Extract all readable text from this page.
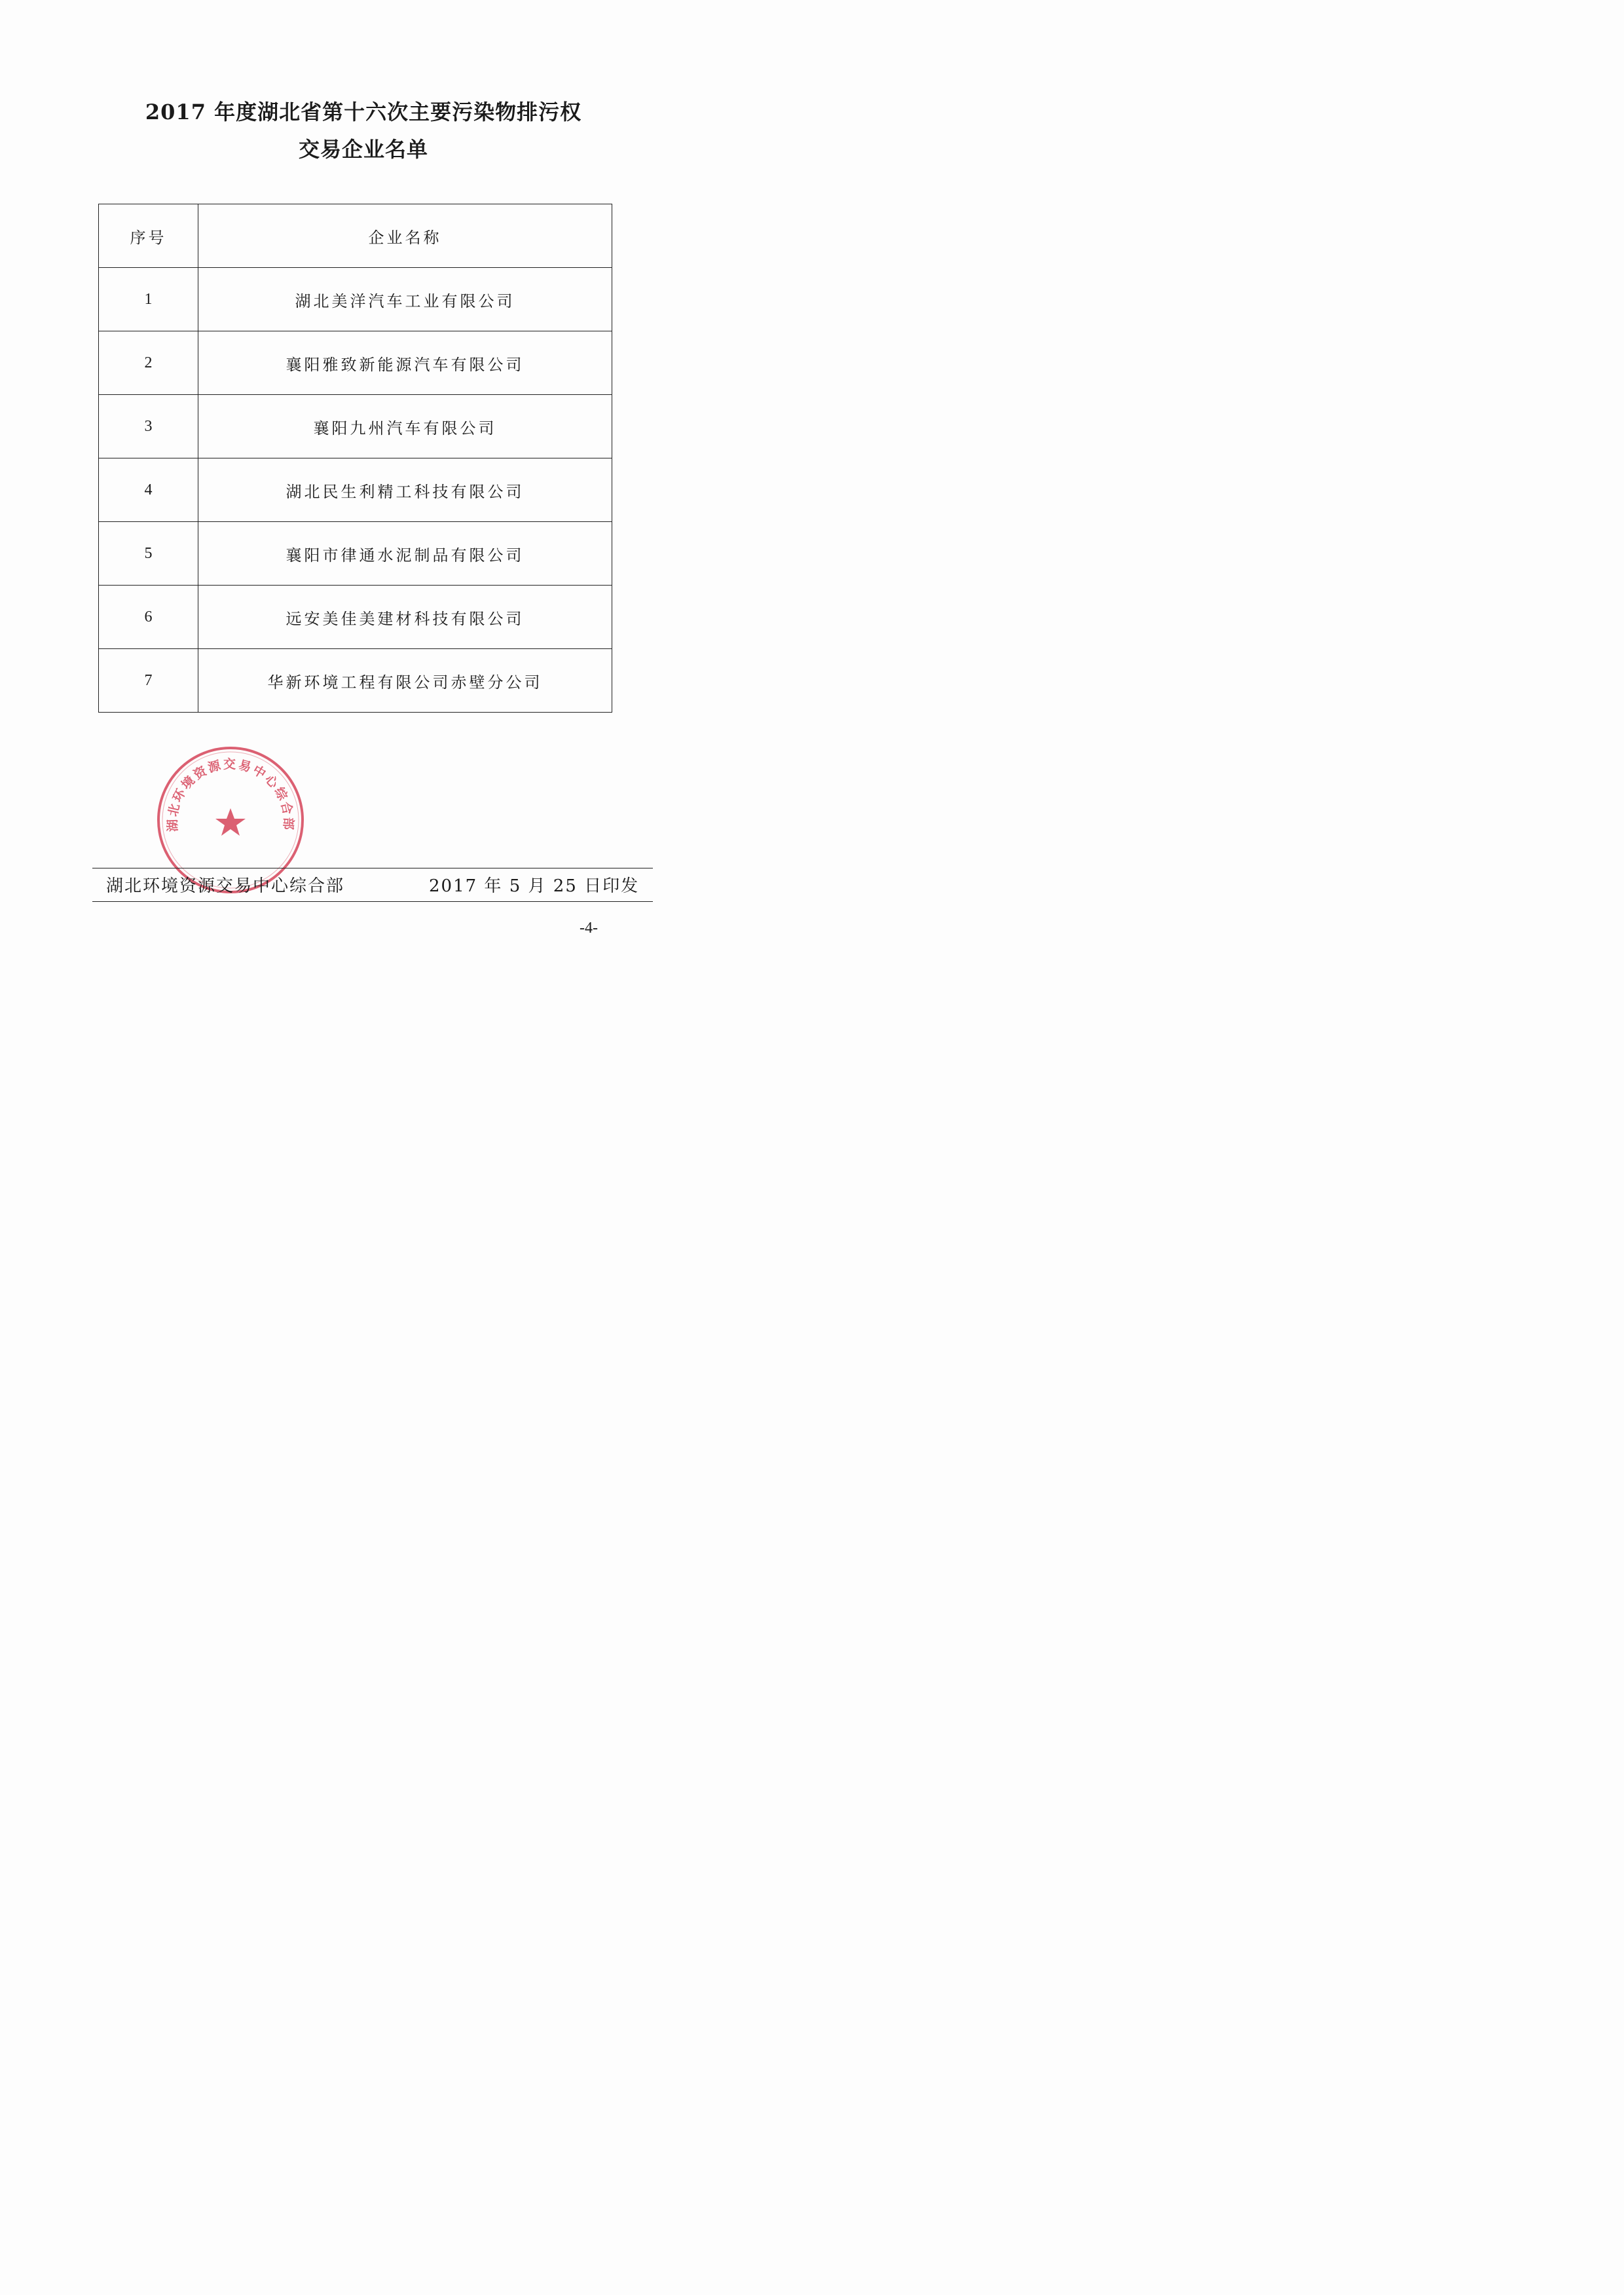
2017 年度湖北省第十六次主要污染物排污权
交易企业名单
序号	企业名称
1	湖北美洋汽车工业有限公司
2	襄阳雅致新能源汽车有限公司
3	襄阳九州汽车有限公司
4	湖北民生利精工科技有限公司
5	襄阳市律通水泥制品有限公司
6	远安美佳美建材科技有限公司
7	华新环境工程有限公司赤壁分公司
湖北环境资源交易中心综合部
湖北环境资源交易中心综合部	2017 年 5 月 25 日印发
-4-
